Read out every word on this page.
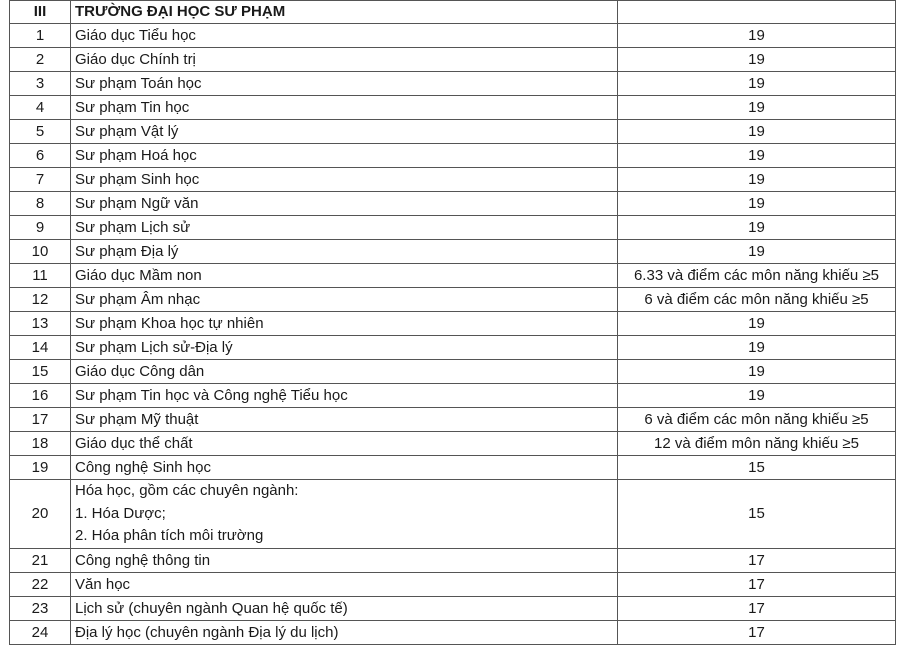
III	TRƯỜNG ĐẠI HỌC SƯ PHẠM	
1	Giáo dục Tiểu học	19
2	Giáo dục Chính trị	19
3	Sư phạm Toán học	19
4	Sư phạm Tin học	19
5	Sư phạm Vật lý	19
6	Sư phạm Hoá học	19
7	Sư phạm Sinh học	19
8	Sư phạm Ngữ văn	19
9	Sư phạm Lịch sử	19
10	Sư phạm Địa lý	19
11	Giáo dục Mầm non	6.33 và điểm các môn năng khiếu ≥5
12	Sư phạm Âm nhạc	6 và điểm các môn năng khiếu ≥5
13	Sư phạm Khoa học tự nhiên	19
14	Sư phạm Lịch sử-Địa lý	19
15	Giáo dục Công dân	19
16	Sư phạm Tin học và Công nghệ Tiểu học	19
17	Sư phạm Mỹ thuật	6 và điểm các môn năng khiếu ≥5
18	Giáo dục thể chất	12 và điểm môn năng khiếu ≥5
19	Công nghệ Sinh học	15
20	Hóa học, gồm các chuyên ngành:
1. Hóa Dược;
2. Hóa phân tích môi trường	15
21	Công nghệ thông tin	17
22	Văn học	17
23	Lịch sử (chuyên ngành Quan hệ quốc tế)	17
24	Địa lý học (chuyên ngành Địa lý du lịch)	17
